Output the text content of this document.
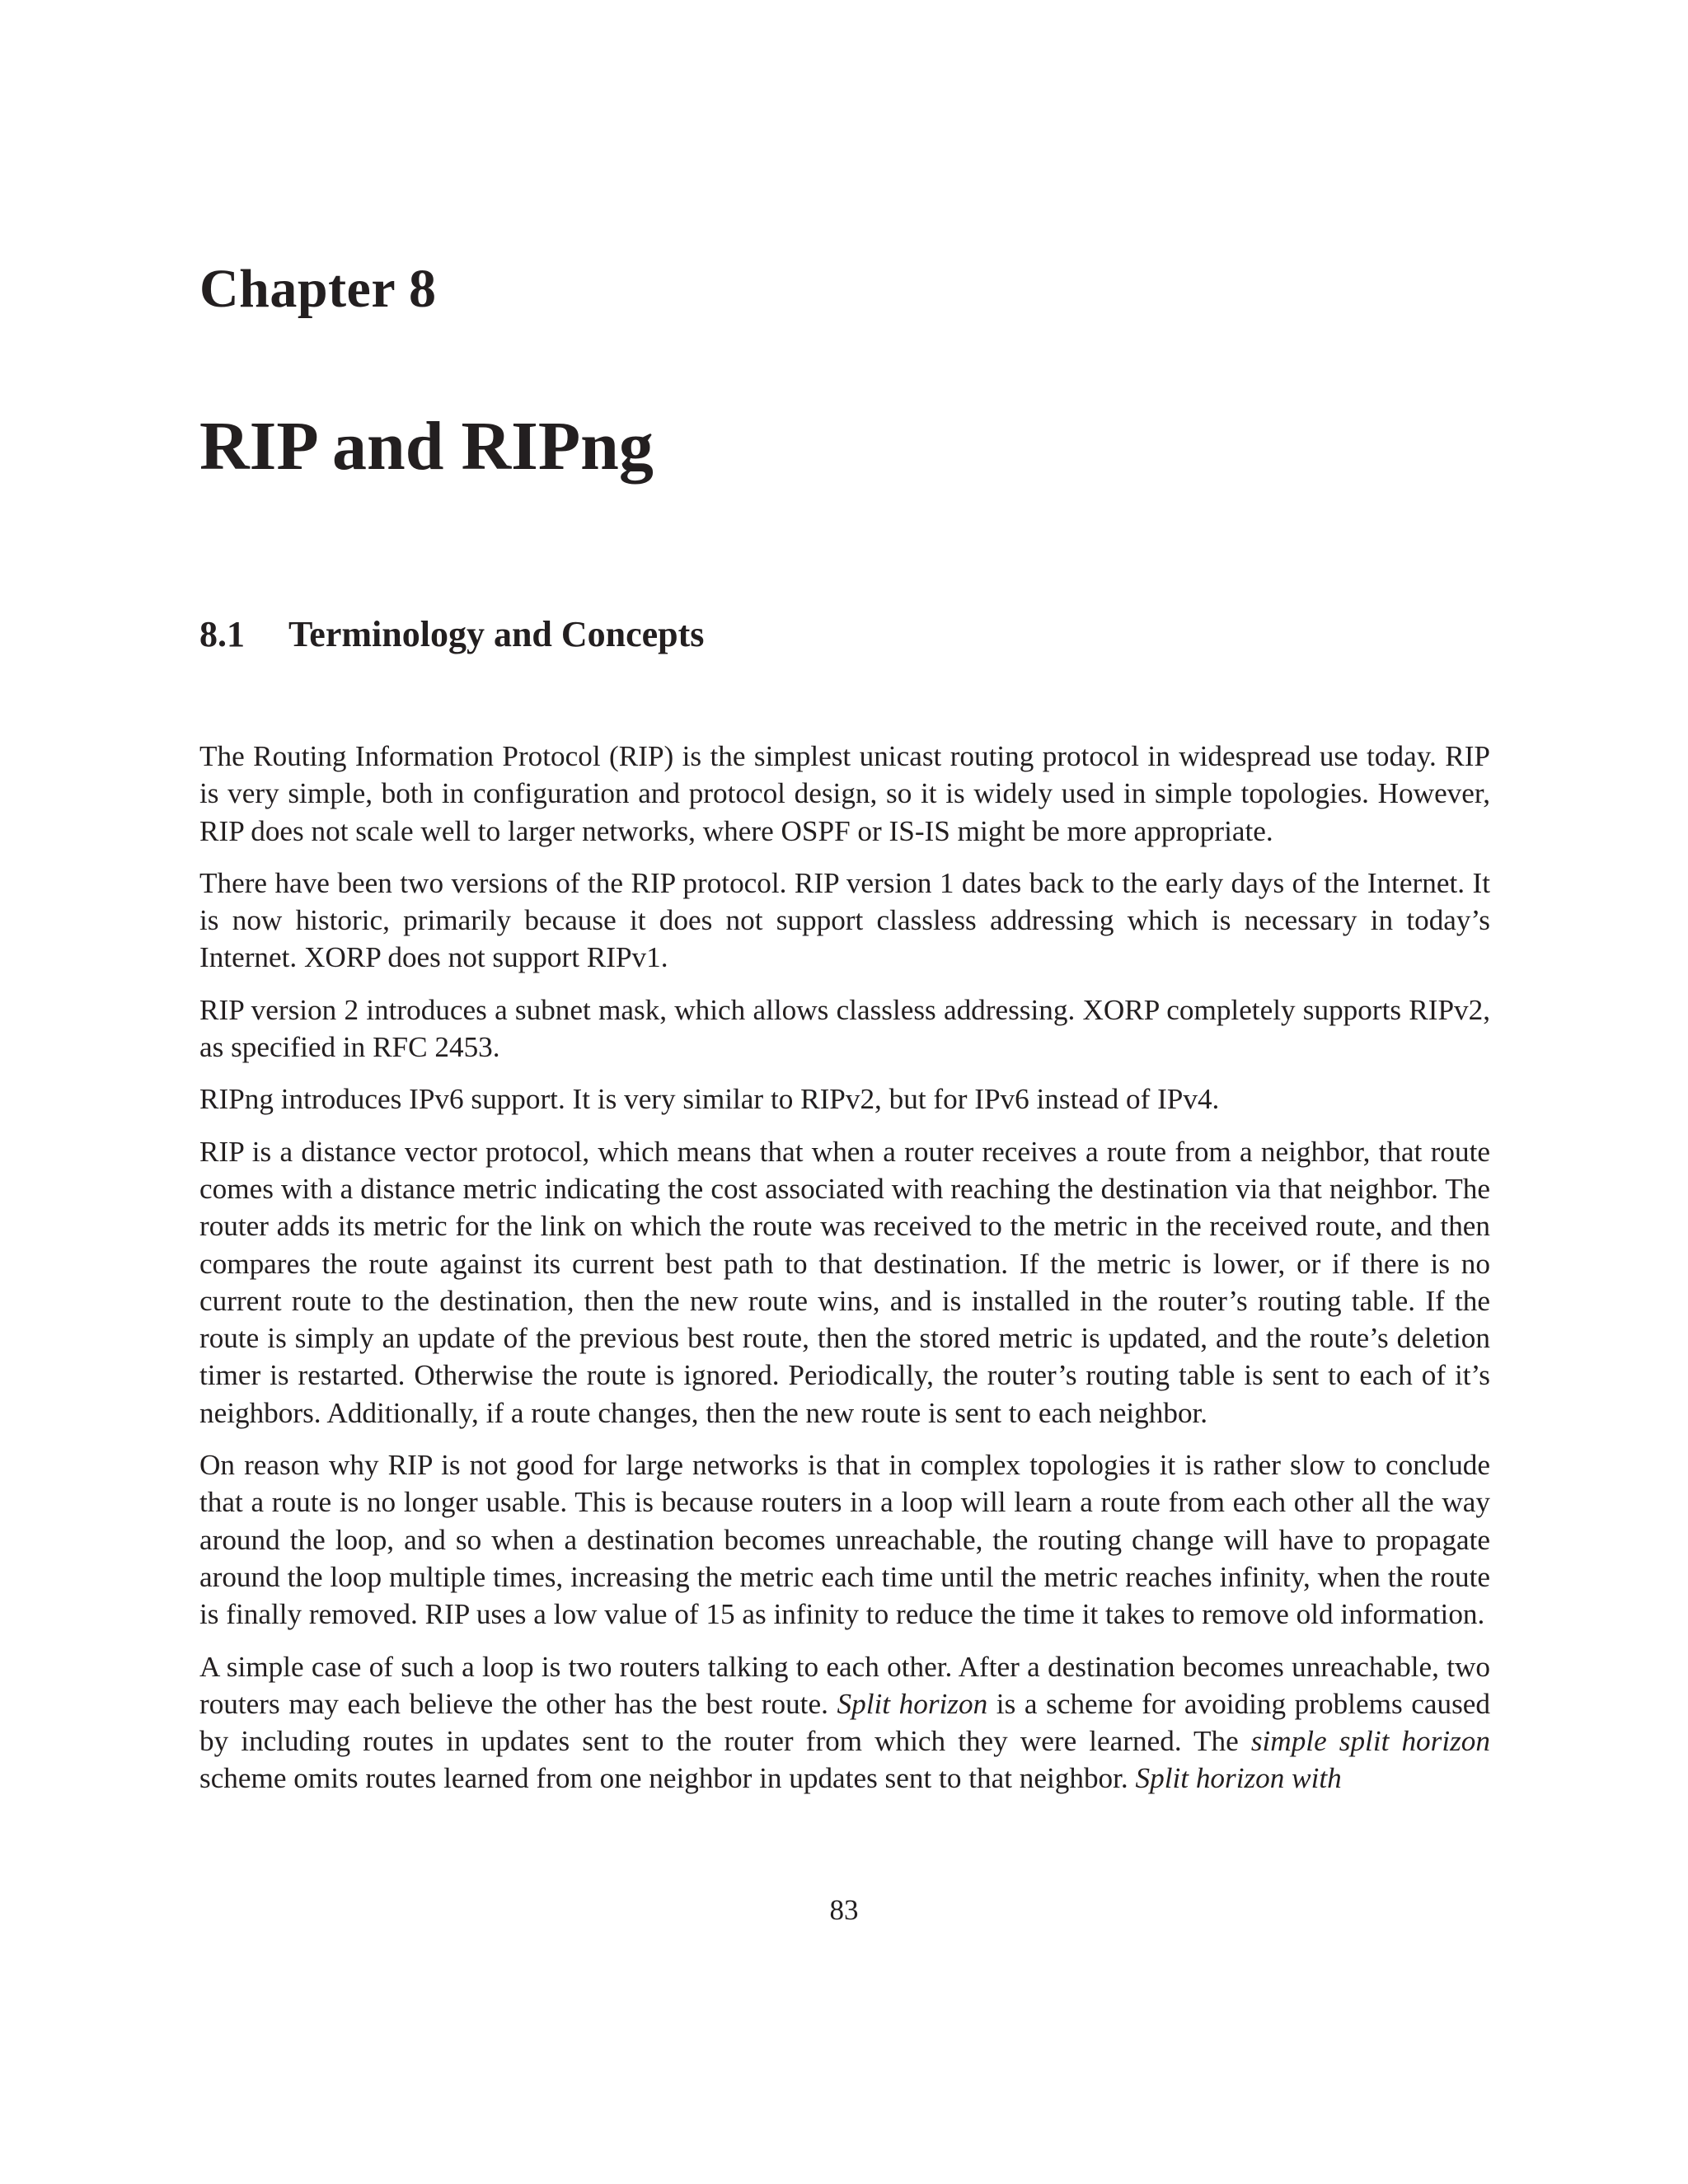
Chapter 8
RIP and RIPng
8.1 Terminology and Concepts

The Routing Information Protocol (RIP) is the simplest unicast routing protocol in widespread use today. RIP is very simple, both in configuration and protocol design, so it is widely used in simple topologies. However, RIP does not scale well to larger networks, where OSPF or IS-IS might be more appropriate.

There have been two versions of the RIP protocol. RIP version 1 dates back to the early days of the Internet. It is now historic, primarily because it does not support classless addressing which is necessary in today’s Internet. XORP does not support RIPv1.

RIP version 2 introduces a subnet mask, which allows classless addressing. XORP completely supports RIPv2, as specified in RFC 2453.

RIPng introduces IPv6 support. It is very similar to RIPv2, but for IPv6 instead of IPv4.

RIP is a distance vector protocol, which means that when a router receives a route from a neighbor, that route comes with a distance metric indicating the cost associated with reaching the destination via that neighbor. The router adds its metric for the link on which the route was received to the metric in the received route, and then compares the route against its current best path to that destination. If the metric is lower, or if there is no current route to the destination, then the new route wins, and is installed in the router’s routing table. If the route is simply an update of the previous best route, then the stored metric is updated, and the route’s deletion timer is restarted. Otherwise the route is ignored. Periodically, the router’s routing table is sent to each of it’s neighbors. Additionally, if a route changes, then the new route is sent to each neighbor.

On reason why RIP is not good for large networks is that in complex topologies it is rather slow to conclude that a route is no longer usable. This is because routers in a loop will learn a route from each other all the way around the loop, and so when a destination becomes unreachable, the routing change will have to propagate around the loop multiple times, increasing the metric each time until the metric reaches infinity, when the route is finally removed. RIP uses a low value of 15 as infinity to reduce the time it takes to remove old information.

A simple case of such a loop is two routers talking to each other. After a destination becomes unreachable, two routers may each believe the other has the best route. Split horizon is a scheme for avoiding problems caused by including routes in updates sent to the router from which they were learned. The simple split horizon scheme omits routes learned from one neighbor in updates sent to that neighbor. Split horizon with

83
